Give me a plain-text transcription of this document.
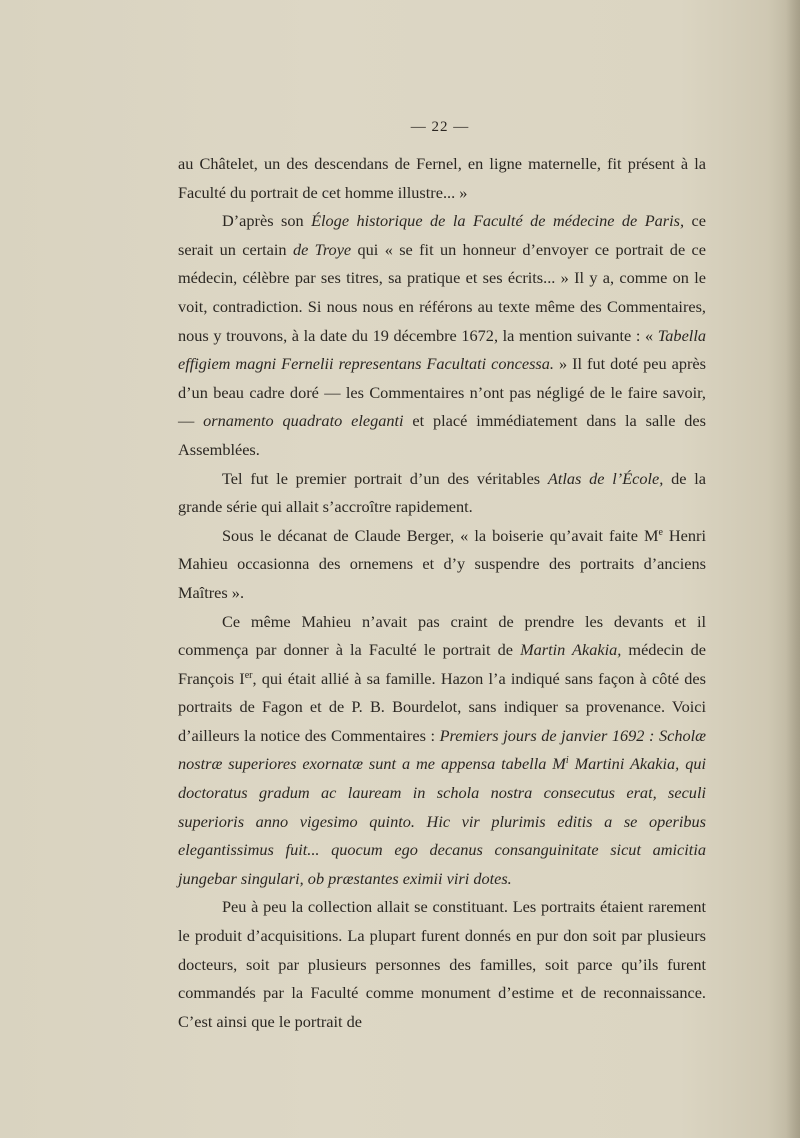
— 22 —

au Châtelet, un des descendans de Fernel, en ligne maternelle, fit présent à la Faculté du portrait de cet homme illustre... »

D’après son Éloge historique de la Faculté de médecine de Paris, ce serait un certain de Troye qui « se fit un honneur d’envoyer ce portrait de ce médecin, célèbre par ses titres, sa pratique et ses écrits... » Il y a, comme on le voit, contradiction. Si nous nous en référons au texte même des Commentaires, nous y trouvons, à la date du 19 décembre 1672, la mention suivante : « Tabella effigiem magni Fernelii representans Facultati concessa. » Il fut doté peu après d’un beau cadre doré — les Commentaires n’ont pas négligé de le faire savoir, — ornamento quadrato eleganti et placé immédiatement dans la salle des Assemblées.

Tel fut le premier portrait d’un des véritables Atlas de l’École, de la grande série qui allait s’accroître rapidement.

Sous le décanat de Claude Berger, « la boiserie qu’avait faite Me Henri Mahieu occasionna des ornemens et d’y suspendre des portraits d’anciens Maîtres ».

Ce même Mahieu n’avait pas craint de prendre les devants et il commença par donner à la Faculté le portrait de Martin Akakia, médecin de François Ier, qui était allié à sa famille. Hazon l’a indiqué sans façon à côté des portraits de Fagon et de P. B. Bourdelot, sans indiquer sa provenance. Voici d’ailleurs la notice des Commentaires : Premiers jours de janvier 1692 : Scholæ nostræ superiores exornatæ sunt a me appensa tabella $M^i$ Martini Akakia, qui doctoratus gradum ac lauream in schola nostra consecutus erat, seculi superioris anno vigesimo quinto. Hic vir plurimis editis a se operibus elegantissimus fuit... quocum ego decanus consanguinitate sicut amicitia jungebar singulari, ob præstantes eximii viri dotes.

Peu à peu la collection allait se constituant. Les portraits étaient rarement le produit d’acquisitions. La plupart furent donnés en pur don soit par plusieurs docteurs, soit par plusieurs personnes des familles, soit parce qu’ils furent commandés par la Faculté comme monument d’estime et de reconnaissance. C’est ainsi que le portrait de
